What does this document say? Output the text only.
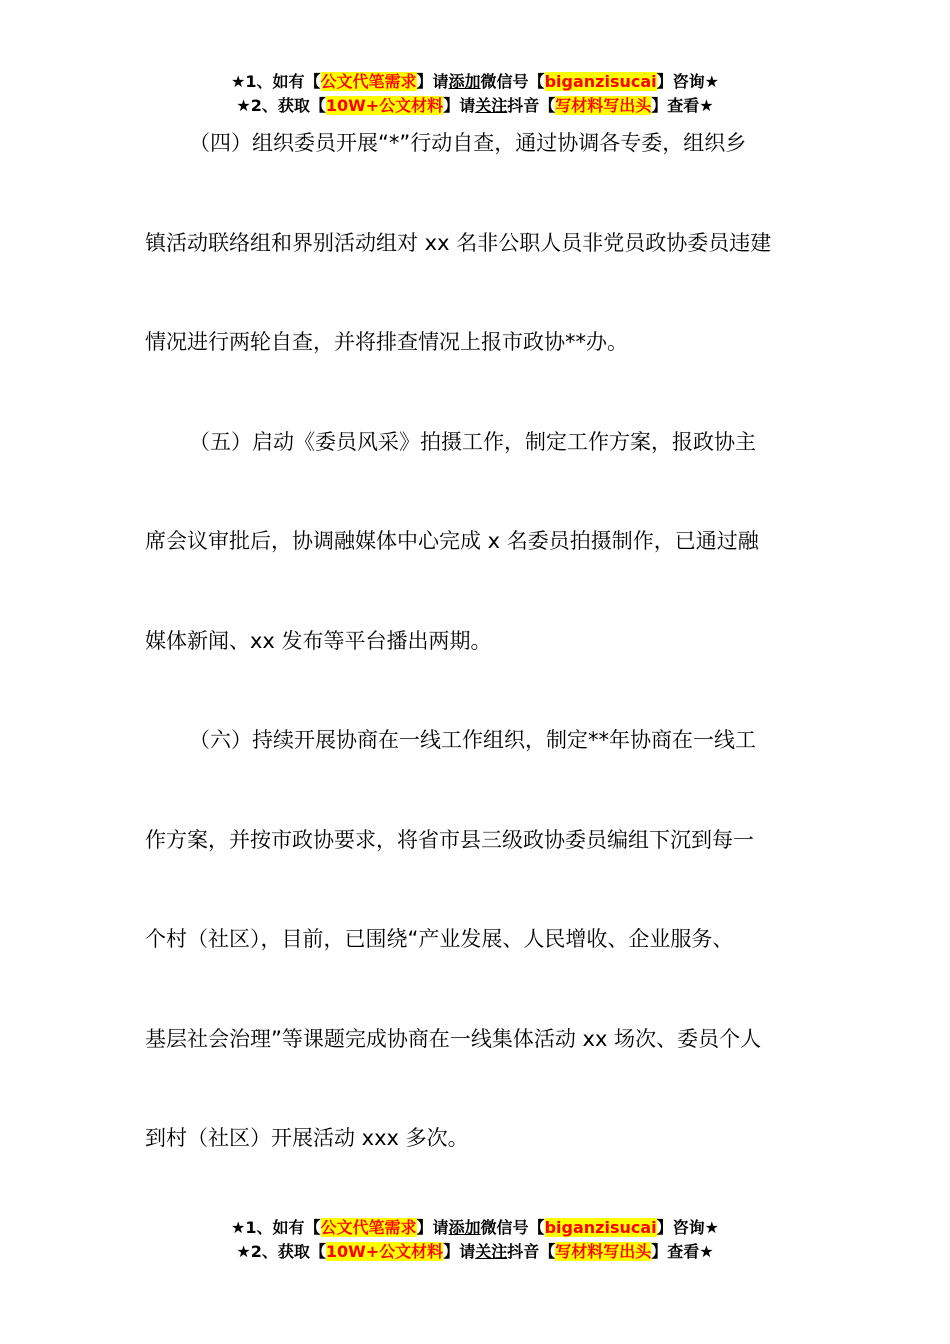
★1、如有【公文代笔需求】请添加微信号【biganzisucai】咨询★
★2、获取【10W+公文材料】请关注抖音【写材料写出头】查看★

（四）组织委员开展“*”行动自查，通过协调各专委，组织乡

镇活动联络组和界别活动组对 xx 名非公职人员非党员政协委员违建

情况进行两轮自查，并将排查情况上报市政协**办。

（五）启动《委员风采》拍摄工作，制定工作方案，报政协主

席会议审批后，协调融媒体中心完成 x 名委员拍摄制作，已通过融

媒体新闻、xx 发布等平台播出两期。

（六）持续开展协商在一线工作组织，制定**年协商在一线工

作方案，并按市政协要求，将省市县三级政协委员编组下沉到每一

个村（社区），目前，已围绕“产业发展、人民增收、企业服务、

基层社会治理”等课题完成协商在一线集体活动 xx 场次、委员个人

到村（社区）开展活动 xxx 多次。

★1、如有【公文代笔需求】请添加微信号【biganzisucai】咨询★
★2、获取【10W+公文材料】请关注抖音【写材料写出头】查看★
